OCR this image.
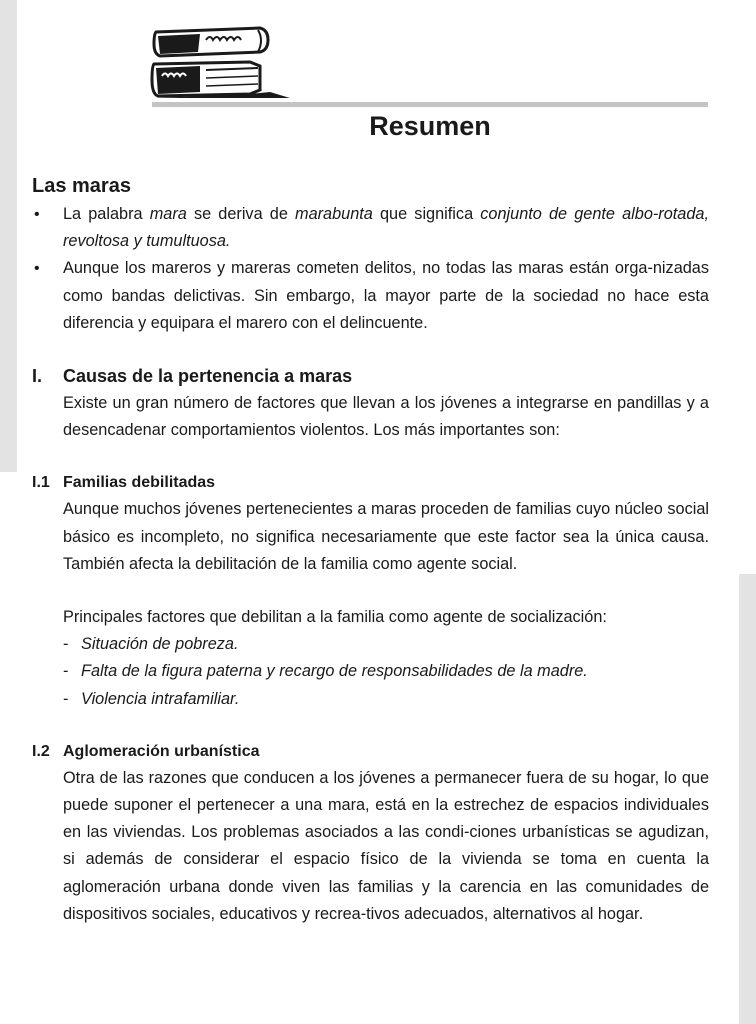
Resumen
Las maras
• La palabra mara se deriva de marabunta que significa conjunto de gente albo-rotada, revoltosa y tumultuosa.

• Aunque los mareros y mareras cometen delitos, no todas las maras están orga-nizadas como bandas delictivas. Sin embargo, la mayor parte de la sociedad no hace esta diferencia y equipara el marero con el delincuente.

I. Causas de la pertenencia a maras

Existe un gran número de factores que llevan a los jóvenes a integrarse en pandillas y a desencadenar comportamientos violentos. Los más importantes son:

I.1 Familias debilitadas

Aunque muchos jóvenes pertenecientes a maras proceden de familias cuyo núcleo social básico es incompleto, no significa necesariamente que este factor sea la única causa. También afecta la debilitación de la familia como agente social.

Principales factores que debilitan a la familia como agente de socialización:

- Situación de pobreza.
- Falta de la figura paterna y recargo de responsabilidades de la madre.
- Violencia intrafamiliar.
I.2 Aglomeración urbanística

Otra de las razones que conducen a los jóvenes a permanecer fuera de su hogar, lo que puede suponer el pertenecer a una mara, está en la estrechez de espacios individuales en las viviendas. Los problemas asociados a las condi-ciones urbanísticas se agudizan, si además de considerar el espacio físico de la vivienda se toma en cuenta la aglomeración urbana donde viven las familias y la carencia en las comunidades de dispositivos sociales, educativos y recrea-tivos adecuados, alternativos al hogar.
